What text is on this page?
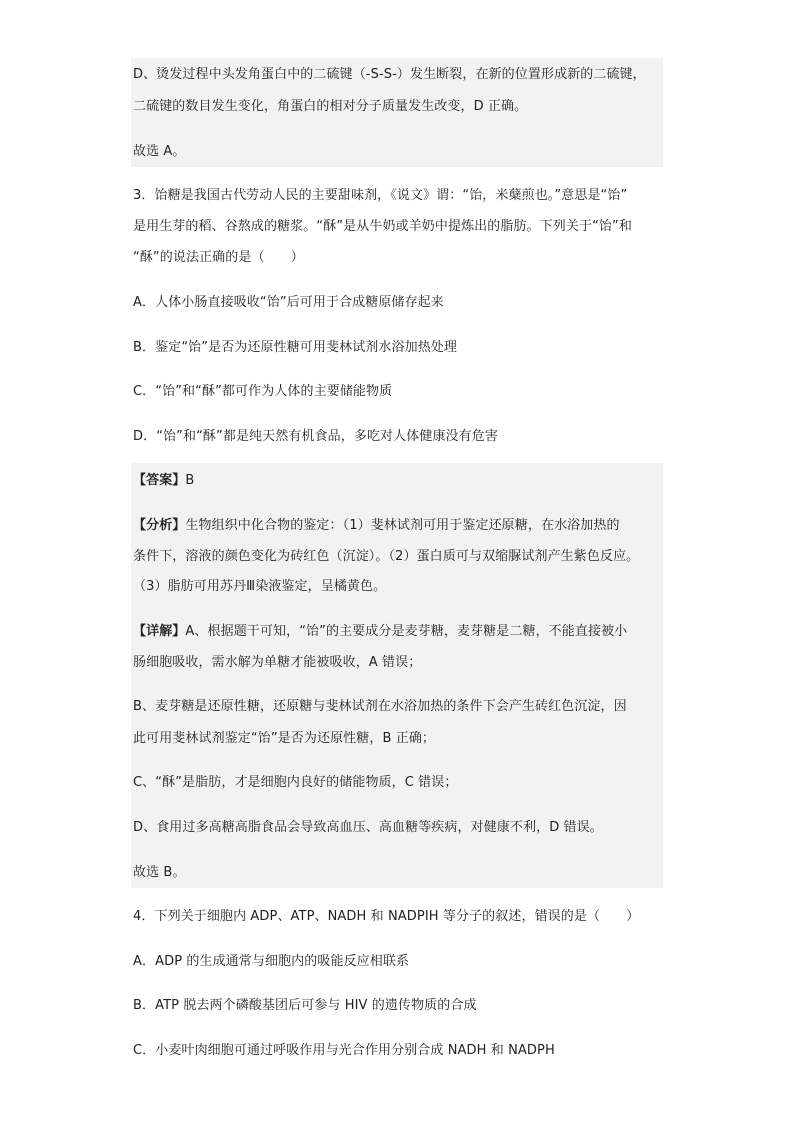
D、烫发过程中头发角蛋白中的二硫键（-S-S-）发生断裂，在新的位置形成新的二硫键，
二硫键的数目发生变化，角蛋白的相对分子质量发生改变，D 正确。
故选 A。
3．饴糖是我国古代劳动人民的主要甜味剂，《说文》谓：“饴，米蘖煎也。”意思是“饴”
是用生芽的稻、谷熬成的糖浆。“酥”是从牛奶或羊奶中提炼出的脂肪。下列关于“饴”和
“酥”的说法正确的是（　　）
A．人体小肠直接吸收“饴”后可用于合成糖原储存起来
B．鉴定“饴”是否为还原性糖可用斐林试剂水浴加热处理
C．“饴”和“酥”都可作为人体的主要储能物质
D．“饴”和“酥”都是纯天然有机食品，多吃对人体健康没有危害
【答案】B
【分析】生物组织中化合物的鉴定：（1）斐林试剂可用于鉴定还原糖，在水浴加热的
条件下，溶液的颜色变化为砖红色（沉淀）。（2）蛋白质可与双缩脲试剂产生紫色反应。
（3）脂肪可用苏丹Ⅲ染液鉴定，呈橘黄色。
【详解】A、根据题干可知，“饴”的主要成分是麦芽糖，麦芽糖是二糖，不能直接被小
肠细胞吸收，需水解为单糖才能被吸收，A 错误；
B、麦芽糖是还原性糖，还原糖与斐林试剂在水浴加热的条件下会产生砖红色沉淀，因
此可用斐林试剂鉴定“饴”是否为还原性糖，B 正确；
C、“酥”是脂肪，才是细胞内良好的储能物质，C 错误；
D、食用过多高糖高脂食品会导致高血压、高血糖等疾病，对健康不利，D 错误。
故选 B。
4．下列关于细胞内 ADP、ATP、NADH 和 NADPIH 等分子的叙述，错误的是（　　）
A．ADP 的生成通常与细胞内的吸能反应相联系
B．ATP 脱去两个磷酸基团后可参与 HIV 的遗传物质的合成
C．小麦叶肉细胞可通过呼吸作用与光合作用分别合成 NADH 和 NADPH
